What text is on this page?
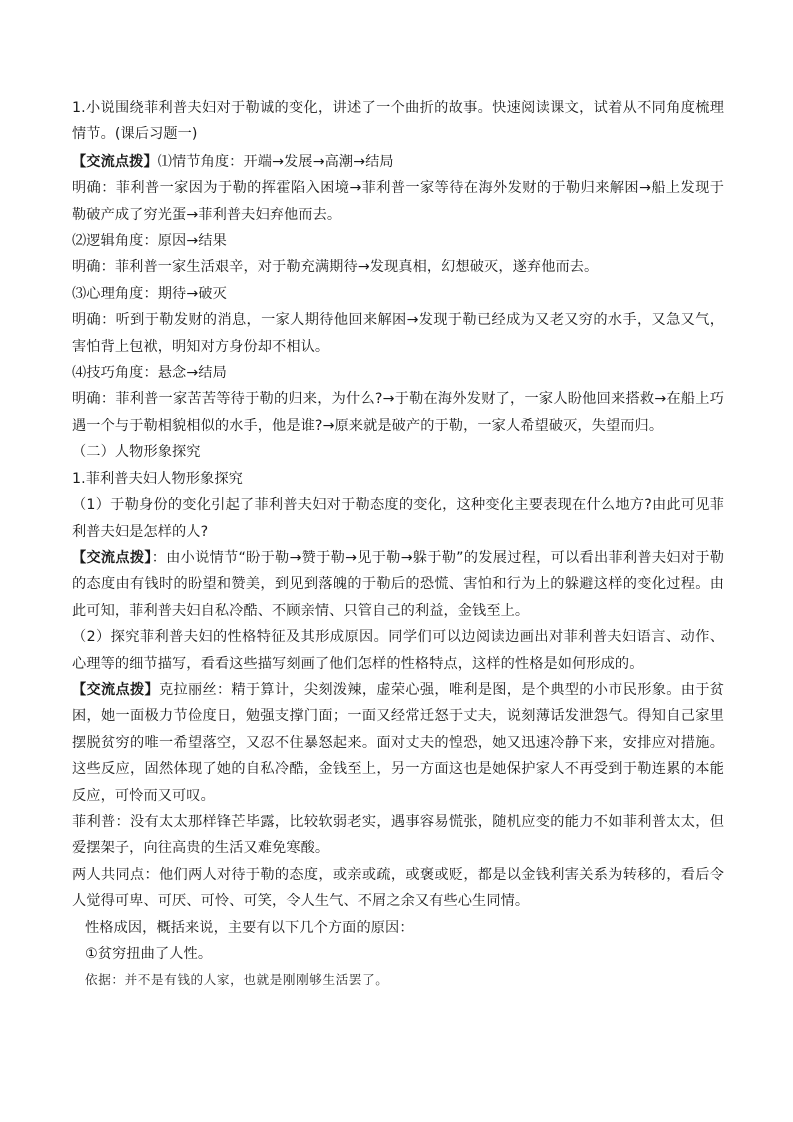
1.小说围绕菲利普夫妇对于勒诚的变化，讲述了一个曲折的故事。快速阅读课文，试着从不同角度梳理情节。(课后习题一)

【交流点拨】⑴情节角度：开端→发展→高潮→结局

明确：菲利普一家因为于勒的挥霍陷入困境→菲利普一家等待在海外发财的于勒归来解困→船上发现于勒破产成了穷光蛋→菲利普夫妇弃他而去。

⑵逻辑角度：原因→结果

明确：菲利普一家生活艰辛，对于勒充满期待→发现真相，幻想破灭，遂弃他而去。

⑶心理角度：期待→破灭

明确：听到于勒发财的消息，一家人期待他回来解困→发现于勒已经成为又老又穷的水手，又急又气，害怕背上包袱，明知对方身份却不相认。

⑷技巧角度：悬念→结局

明确：菲利普一家苦苦等待于勒的归来，为什么?→于勒在海外发财了，一家人盼他回来搭救→在船上巧遇一个与于勒相貌相似的水手，他是谁?→原来就是破产的于勒，一家人希望破灭，失望而归。

（二）人物形象探究

1.菲利普夫妇人物形象探究

（1）于勒身份的变化引起了菲利普夫妇对于勒态度的变化，这种变化主要表现在什么地方?由此可见菲利普夫妇是怎样的人?

【交流点拨】：由小说情节“盼于勒→赞于勒→见于勒→躲于勒”的发展过程，可以看出菲利普夫妇对于勒的态度由有钱时的盼望和赞美，到见到落魄的于勒后的恐慌、害怕和行为上的躲避这样的变化过程。由此可知，菲利普夫妇自私冷酷、不顾亲情、只管自己的利益，金钱至上。

（2）探究菲利普夫妇的性格特征及其形成原因。同学们可以边阅读边画出对菲利普夫妇语言、动作、心理等的细节描写，看看这些描写刻画了他们怎样的性格特点，这样的性格是如何形成的。

【交流点拨】克拉丽丝：精于算计，尖刻泼辣，虚荣心强，唯利是图，是个典型的小市民形象。由于贫困，她一面极力节俭度日，勉强支撑门面；一面又经常迁怒于丈夫，说刻薄话发泄怨气。得知自己家里摆脱贫穷的唯一希望落空，又忍不住暴怒起来。面对丈夫的惶恐，她又迅速冷静下来，安排应对措施。这些反应，固然体现了她的自私冷酷，金钱至上，另一方面这也是她保护家人不再受到于勒连累的本能反应，可怜而又可叹。

菲利普：没有太太那样锋芒毕露，比较软弱老实，遇事容易慌张，随机应变的能力不如菲利普太太，但爱摆架子，向往高贵的生活又难免寒酸。

两人共同点：他们两人对待于勒的态度，或亲或疏，或褒或贬，都是以金钱利害关系为转移的，看后令人觉得可卑、可厌、可怜、可笑，令人生气、不屑之余又有些心生同情。

性格成因，概括来说，主要有以下几个方面的原因：

①贫穷扭曲了人性。

依据：并不是有钱的人家，也就是刚刚够生活罢了。
